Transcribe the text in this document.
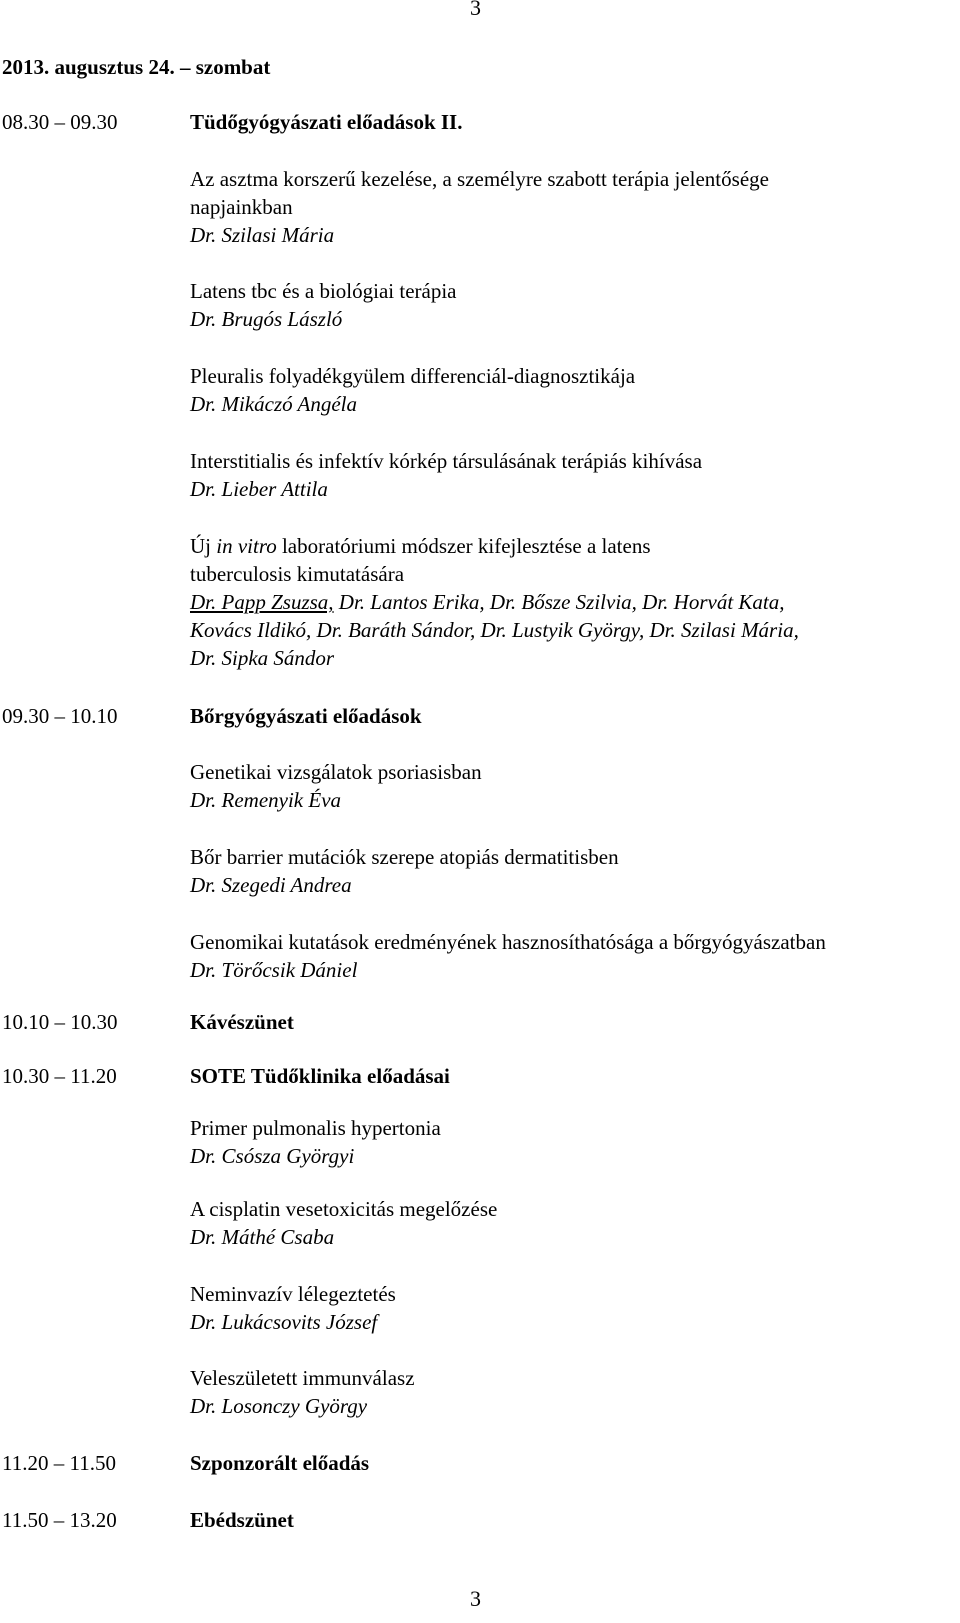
3
2013. augusztus 24. – szombat
08.30 – 09.30	Tüdőgyógyászati előadások II.
Az asztma korszerű kezelése, a személyre szabott terápia jelentősége
napjainkban
Dr. Szilasi Mária
Latens tbc és a biológiai terápia
Dr. Brugós László
Pleuralis folyadékgyülem differenciál-diagnosztikája
Dr. Mikáczó Angéla
Interstitialis és infektív kórkép társulásának terápiás kihívása
Dr. Lieber Attila
Új in vitro laboratóriumi módszer kifejlesztése a latens
tuberculosis kimutatására
Dr. Papp Zsuzsa, Dr. Lantos Erika, Dr. Bősze Szilvia, Dr. Horvát Kata,
Kovács Ildikó, Dr. Baráth Sándor, Dr. Lustyik György, Dr. Szilasi Mária,
Dr. Sipka Sándor
09.30 – 10.10	Bőrgyógyászati előadások
Genetikai vizsgálatok psoriasisban
Dr. Remenyik Éva
Bőr barrier mutációk szerepe atopiás dermatitisben
Dr. Szegedi Andrea
Genomikai kutatások eredményének hasznosíthatósága a bőrgyógyászatban
Dr. Törőcsik Dániel
10.10 – 10.30	Kávészünet
10.30 – 11.20	SOTE Tüdőklinika előadásai
Primer pulmonalis hypertonia
Dr. Csósza Györgyi
A cisplatin vesetoxicitás megelőzése
Dr. Máthé Csaba
Neminvazív lélegeztetés
Dr. Lukácsovits József
Veleszületett immunválasz
Dr. Losonczy György
11.20 – 11.50	Szponzorált előadás
11.50 – 13.20	Ebédszünet
3
